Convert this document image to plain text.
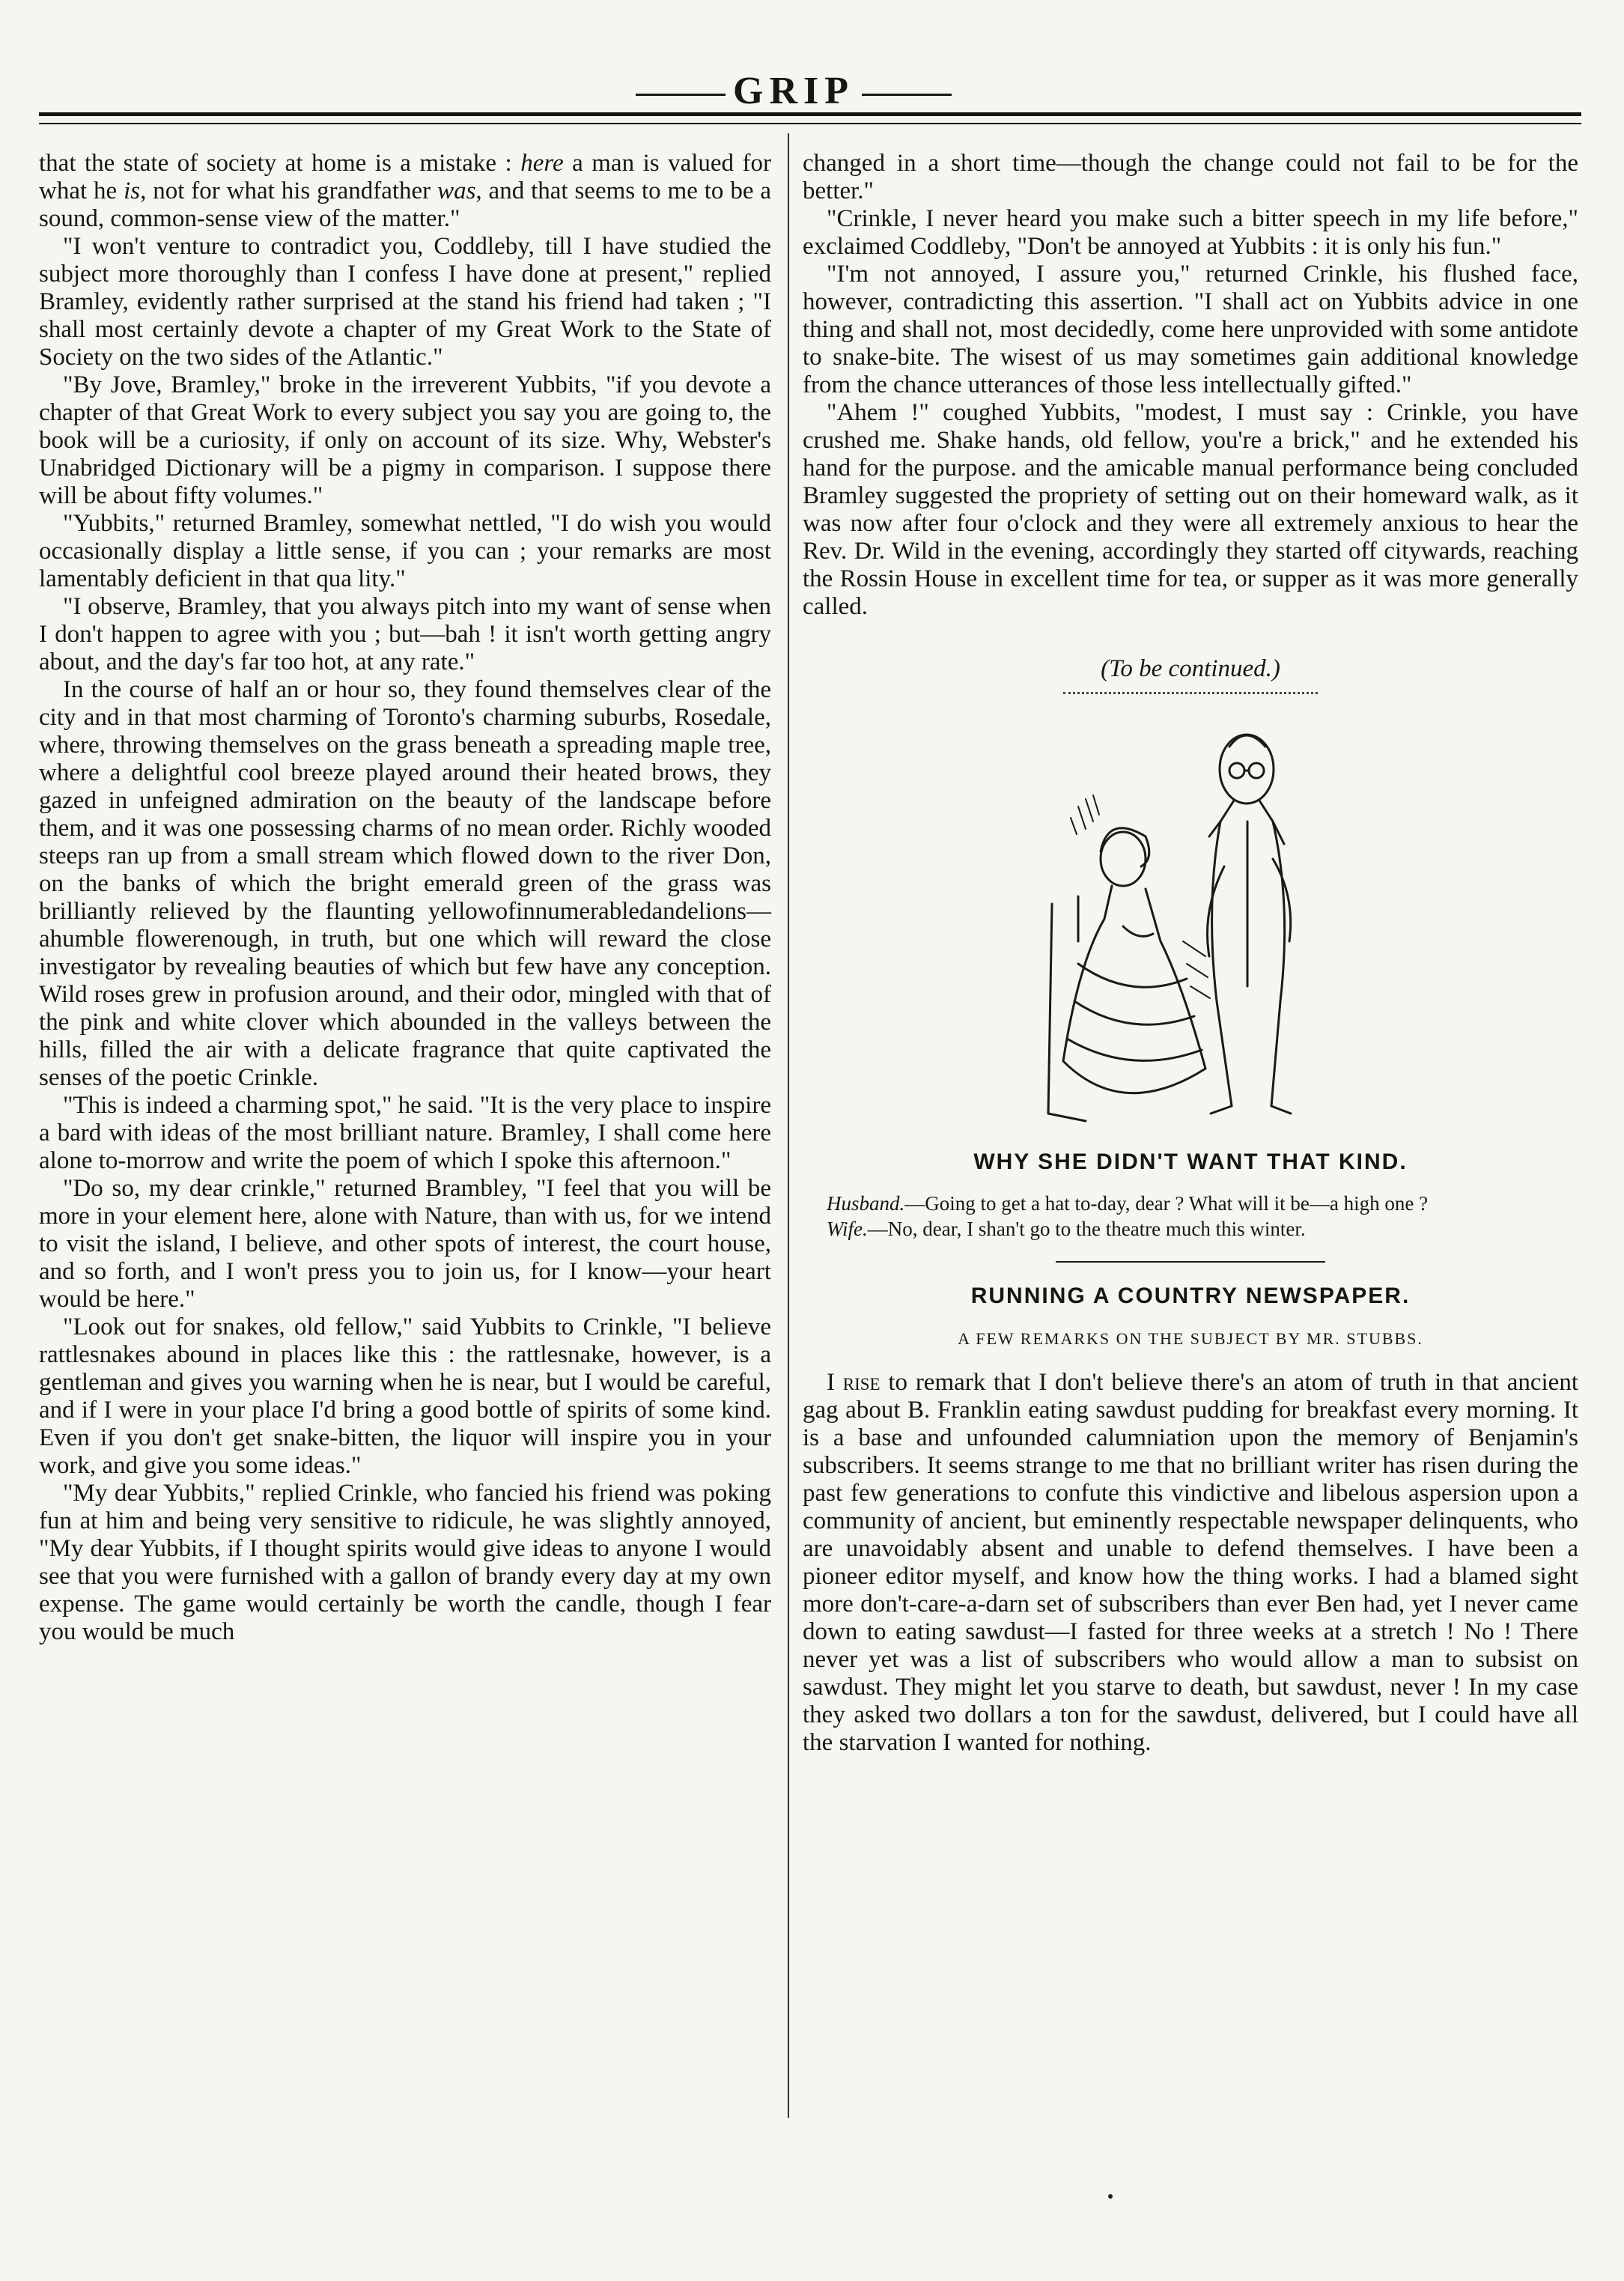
GRIP

that the state of society at home is a mistake : here a man is valued for what he is, not for what his grandfather was, and that seems to me to be a sound, common-sense view of the matter."

"I won't venture to contradict you, Coddleby, till I have studied the subject more thoroughly than I confess I have done at present," replied Bramley, evidently rather surprised at the stand his friend had taken ; "I shall most certainly devote a chapter of my Great Work to the State of Society on the two sides of the Atlantic."

"By Jove, Bramley," broke in the irreverent Yubbits, "if you devote a chapter of that Great Work to every subject you say you are going to, the book will be a curiosity, if only on account of its size. Why, Webster's Unabridged Dictionary will be a pigmy in comparison. I suppose there will be about fifty volumes."

"Yubbits," returned Bramley, somewhat nettled, "I do wish you would occasionally display a little sense, if you can ; your remarks are most lamentably deficient in that qua lity."

"I observe, Bramley, that you always pitch into my want of sense when I don't happen to agree with you ; but—bah ! it isn't worth getting angry about, and the day's far too hot, at any rate."

In the course of half an or hour so, they found themselves clear of the city and in that most charming of Toronto's charming suburbs, Rosedale, where, throwing themselves on the grass beneath a spreading maple tree, where a delightful cool breeze played around their heated brows, they gazed in unfeigned admiration on the beauty of the landscape before them, and it was one possessing charms of no mean order. Richly wooded steeps ran up from a small stream which flowed down to the river Don, on the banks of which the bright emerald green of the grass was brilliantly relieved by the flaunting yellowofinnumerabledandelions—ahumble flowerenough, in truth, but one which will reward the close investigator by revealing beauties of which but few have any conception. Wild roses grew in profusion around, and their odor, mingled with that of the pink and white clover which abounded in the valleys between the hills, filled the air with a delicate fragrance that quite captivated the senses of the poetic Crinkle.

"This is indeed a charming spot," he said. "It is the very place to inspire a bard with ideas of the most brilliant nature. Bramley, I shall come here alone to-morrow and write the poem of which I spoke this afternoon."

"Do so, my dear crinkle," returned Brambley, "I feel that you will be more in your element here, alone with Nature, than with us, for we intend to visit the island, I believe, and other spots of interest, the court house, and so forth, and I won't press you to join us, for I know—your heart would be here."

"Look out for snakes, old fellow," said Yubbits to Crinkle, "I believe rattlesnakes abound in places like this : the rattlesnake, however, is a gentleman and gives you warning when he is near, but I would be careful, and if I were in your place I'd bring a good bottle of spirits of some kind. Even if you don't get snake-bitten, the liquor will inspire you in your work, and give you some ideas."

"My dear Yubbits," replied Crinkle, who fancied his friend was poking fun at him and being very sensitive to ridicule, he was slightly annoyed, "My dear Yubbits, if I thought spirits would give ideas to anyone I would see that you were furnished with a gallon of brandy every day at my own expense. The game would certainly be worth the candle, though I fear you would be much

changed in a short time—though the change could not fail to be for the better."

"Crinkle, I never heard you make such a bitter speech in my life before," exclaimed Coddleby, "Don't be annoyed at Yubbits : it is only his fun."

"I'm not annoyed, I assure you," returned Crinkle, his flushed face, however, contradicting this assertion. "I shall act on Yubbits advice in one thing and shall not, most decidedly, come here unprovided with some antidote to snake-bite. The wisest of us may sometimes gain additional knowledge from the chance utterances of those less intellectually gifted."

"Ahem !" coughed Yubbits, "modest, I must say : Crinkle, you have crushed me. Shake hands, old fellow, you're a brick," and he extended his hand for the purpose. and the amicable manual performance being concluded Bramley suggested the propriety of setting out on their homeward walk, as it was now after four o'clock and they were all extremely anxious to hear the Rev. Dr. Wild in the evening, accordingly they started off citywards, reaching the Rossin House in excellent time for tea, or supper as it was more generally called.

(To be continued.)

WHY SHE DIDN'T WANT THAT KIND.

Husband.—Going to get a hat to-day, dear ? What will it be—a high one ?

Wife.—No, dear, I shan't go to the theatre much this winter.

RUNNING A COUNTRY NEWSPAPER.

A FEW REMARKS ON THE SUBJECT BY MR. STUBBS.

I rise to remark that I don't believe there's an atom of truth in that ancient gag about B. Franklin eating sawdust pudding for breakfast every morning. It is a base and unfounded calumniation upon the memory of Benjamin's subscribers. It seems strange to me that no brilliant writer has risen during the past few generations to confute this vindictive and libelous aspersion upon a community of ancient, but eminently respectable newspaper delinquents, who are unavoidably absent and unable to defend themselves. I have been a pioneer editor myself, and know how the thing works. I had a blamed sight more don't-care-a-darn set of subscribers than ever Ben had, yet I never came down to eating sawdust—I fasted for three weeks at a stretch ! No ! There never yet was a list of subscribers who would allow a man to subsist on sawdust. They might let you starve to death, but sawdust, never ! In my case they asked two dollars a ton for the sawdust, delivered, but I could have all the starvation I wanted for nothing.
